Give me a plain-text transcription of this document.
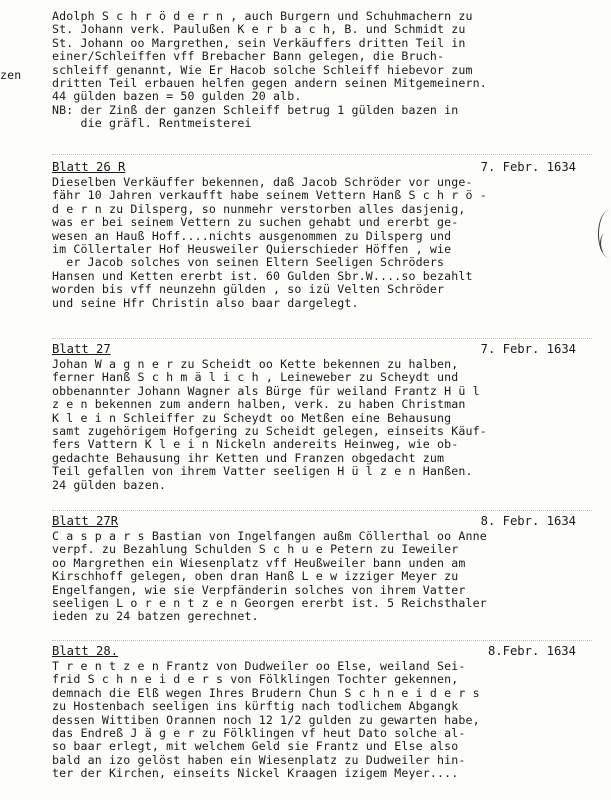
zen
Adolph S c h r ö d e r n , auch Burgern und Schuhmachern zu
St. Johann verk. Paulußen K e r b a c h, B. und Schmidt zu
St. Johann oo Margrethen, sein Verkäuffers dritten Teil in
einer/Schleiffen vff Brebacher Bann gelegen, die Bruch-
schleiff genannt, Wie Er Hacob solche Schleiff hiebevor zum
dritten Teil erbauen helfen gegen andern seinen Mitgemeinern.
44 gülden bazen = 50 gulden 20 alb.
NB: der Zinß der ganzen Schleiff betrug 1 gülden bazen in
die gräfl. Rentmeisterei
Blatt 26 R	7. Febr. 1634
Dieselben Verkäuffer bekennen, daß Jacob Schröder vor unge-
fähr 10 Jahren verkaufft habe seinem Vettern Hanß S c h r ö -
d e r n zu Dilsperg, so nunmehr verstorben alles dasjenig,
was er bei seinem Vettern zu suchen gehabt und ererbt ge-
wesen an Hauß Hoff....nichts ausgenommen zu Dilsperg und
im Cöllertaler Hof Heusweiler Quierschieder Höffen , wie
er Jacob solches von seinen Eltern Seeligen Schröders
Hansen und Ketten ererbt ist. 60 Gulden Sbr.W....so bezahlt
worden bis vff neunzehn gülden , so izü Velten Schröder
und seine Hfr Christin also baar dargelegt.
Blatt 27	7. Febr. 1634
Johan W a g n e r zu Scheidt oo Kette bekennen zu halben,
ferner Hanß S c h m ä l i c h , Leineweber zu Scheydt und
obbenannter Johann Wagner als Bürge für weiland Frantz H ü l
z e n bekennen zum andern halben, verk. zu haben Christman
K l e i n Schleiffer zu Scheydt oo Metßen eine Behausung
samt zugehörigem Hofgering zu Scheidt gelegen, einseits Käuf-
fers Vattern K l e i n Nickeln andereits Heinweg, wie ob-
gedachte Behausung ihr Ketten und Franzen obgedacht zum
Teil gefallen von ihrem Vatter seeligen H ü l z e n Hanßen.
24 gülden bazen.
Blatt 27R	8. Febr. 1634
C a s p a r s Bastian von Ingelfangen außm Cöllerthal oo Anne
verpf. zu Bezahlung Schulden S c h u e Petern zu Ieweiler
oo Margrethen ein Wiesenplatz vff Heußweiler bann unden am
Kirschhoff gelegen, oben dran Hanß L e w izziger Meyer zu
Engelfangen, wie sie Verpfänderin solches von ihrem Vatter
seeligen L o r e n t z e n Georgen ererbt ist. 5 Reichsthaler
ieden zu 24 batzen gerechnet.
Blatt 28.	8.Febr. 1634
T r e n t z e n Frantz von Dudweiler oo Else, weiland Sei-
frid S c h n e i d e r s von Fölklingen Tochter gekennen,
demnach die Elß wegen Ihres Brudern Chun S c h n e i d e r s
zu Hostenbach seeligen ins kürftig nach todlichem Abgangk
dessen Wittiben Orannen noch 12 1/2 gulden zu gewarten habe,
das Endreß J ä g e r zu Fölklingen vf heut Dato solche al-
so baar erlegt, mit welchem Geld sie Frantz und Else also
bald an izo gelöst haben ein Wiesenplatz zu Dudweiler hin-
ter der Kirchen, einseits Nickel Kraagen izigem Meyer....
